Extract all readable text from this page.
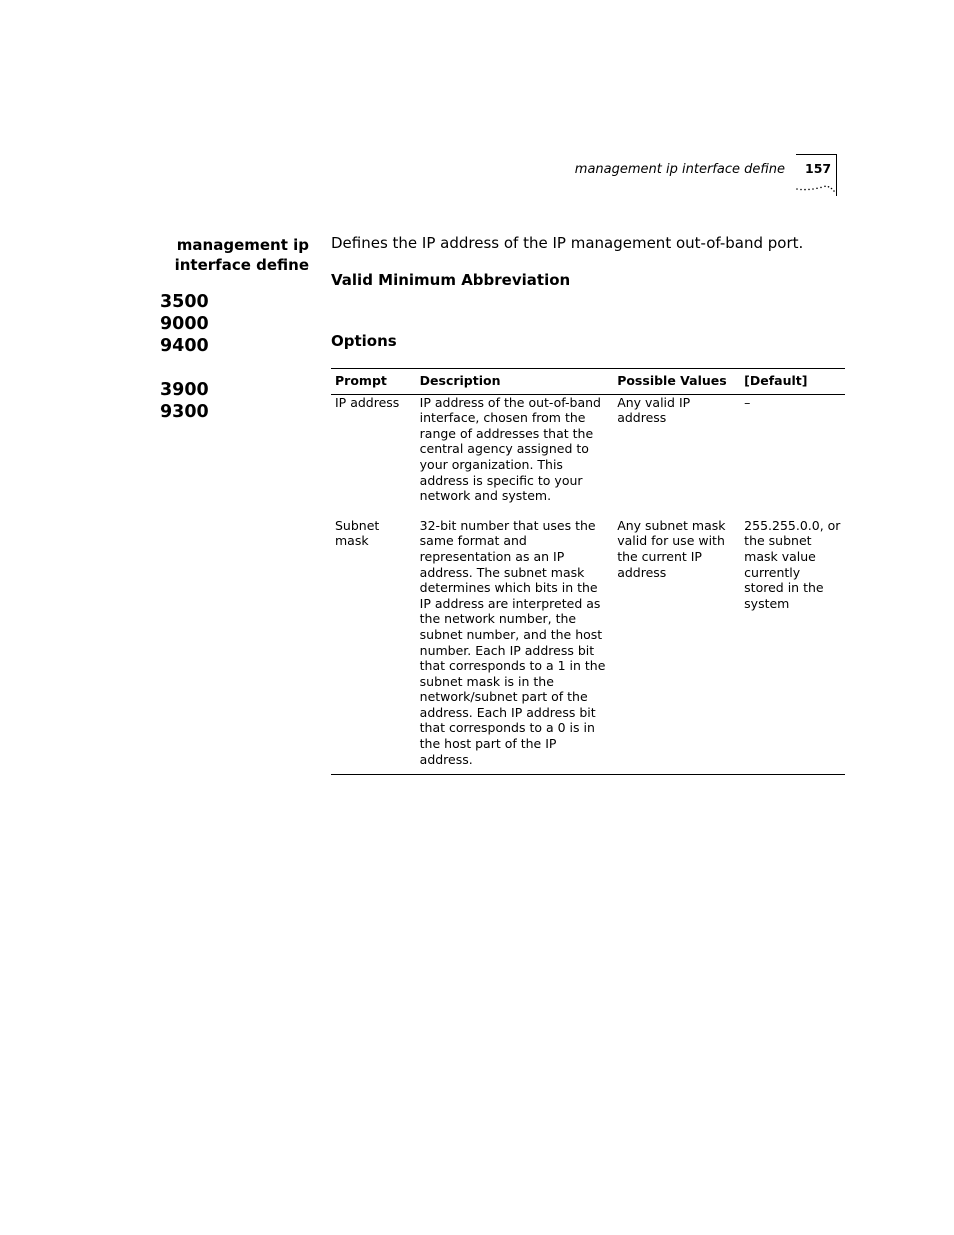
management ip interface define 157
management ip
interface define
3500
9000
9400
3900
9300
Defines the IP address of the IP management out-of-band port.
Valid Minimum Abbreviation
Options
Prompt	Description	Possible Values	[Default]
IP address	IP address of the out-of-band interface, chosen from the range of addresses that the central agency assigned to your organization. This address is specific to your network and system.	Any valid IP address	–
Subnet mask	32-bit number that uses the same format and representation as an IP address. The subnet mask determines which bits in the IP address are interpreted as the network number, the subnet number, and the host number. Each IP address bit that corresponds to a 1 in the subnet mask is in the network/subnet part of the address. Each IP address bit that corresponds to a 0 is in the host part of the IP address.	Any subnet mask valid for use with the current IP address	255.255.0.0, or the subnet mask value currently stored in the system
